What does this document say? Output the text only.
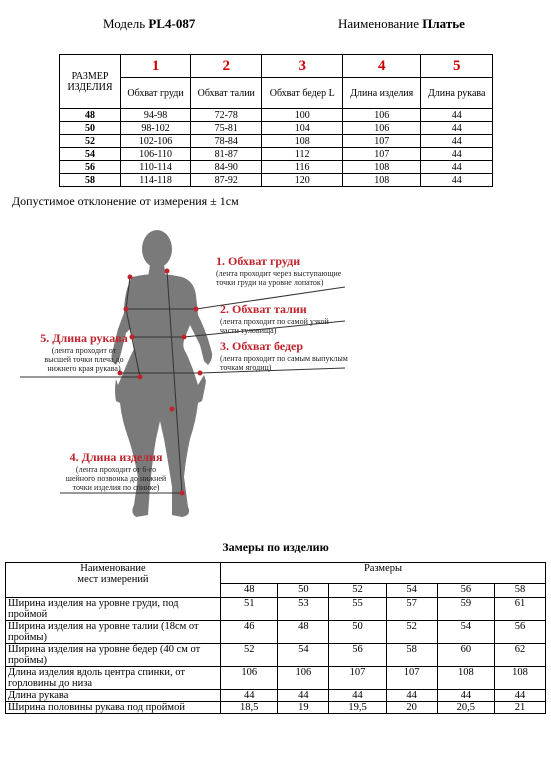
Модель PL4-087	Наименование Платье
РАЗМЕР ИЗДЕЛИЯ	1	2	3	4	5
	Обхват груди	Обхват талии	Обхват бедер L	Длина изделия	Длина рукава
48	94-98	72-78	100	106	44
50	98-102	75-81	104	106	44
52	102-106	78-84	108	107	44
54	106-110	81-87	112	107	44
56	110-114	84-90	116	108	44
58	114-118	87-92	120	108	44
Допустимое отклонение от измерения ± 1см
1. Обхват груди
(лента проходит через выступающие
точки груди на уровне лопаток)
2. Обхват талии
(лента проходит по самой узкой
части туловища)
3. Обхват бедер
(лента проходит по самым выпуклым
точкам ягодиц)
5. Длина рукава
(лента проходит от
высшей точки плеча до
нижнего края рукава)
4. Длина изделия
(лента проходит от 6-го
шейного позвонка до нижней
точки изделия по спинке)
Замеры по изделию
Наименование
мест измерений	Размеры					
	48	50	52	54	56	58
Ширина изделия на уровне груди, под проймой	51	53	55	57	59	61
Ширина изделия на уровне талии (18см от проймы)	46	48	50	52	54	56
Ширина изделия на уровне бедер (40 см от проймы)	52	54	56	58	60	62
Длина изделия вдоль центра спинки, от горловины до низа	106	106	107	107	108	108
Длина рукава	44	44	44	44	44	44
Ширина половины рукава под проймой	18,5	19	19,5	20	20,5	21
